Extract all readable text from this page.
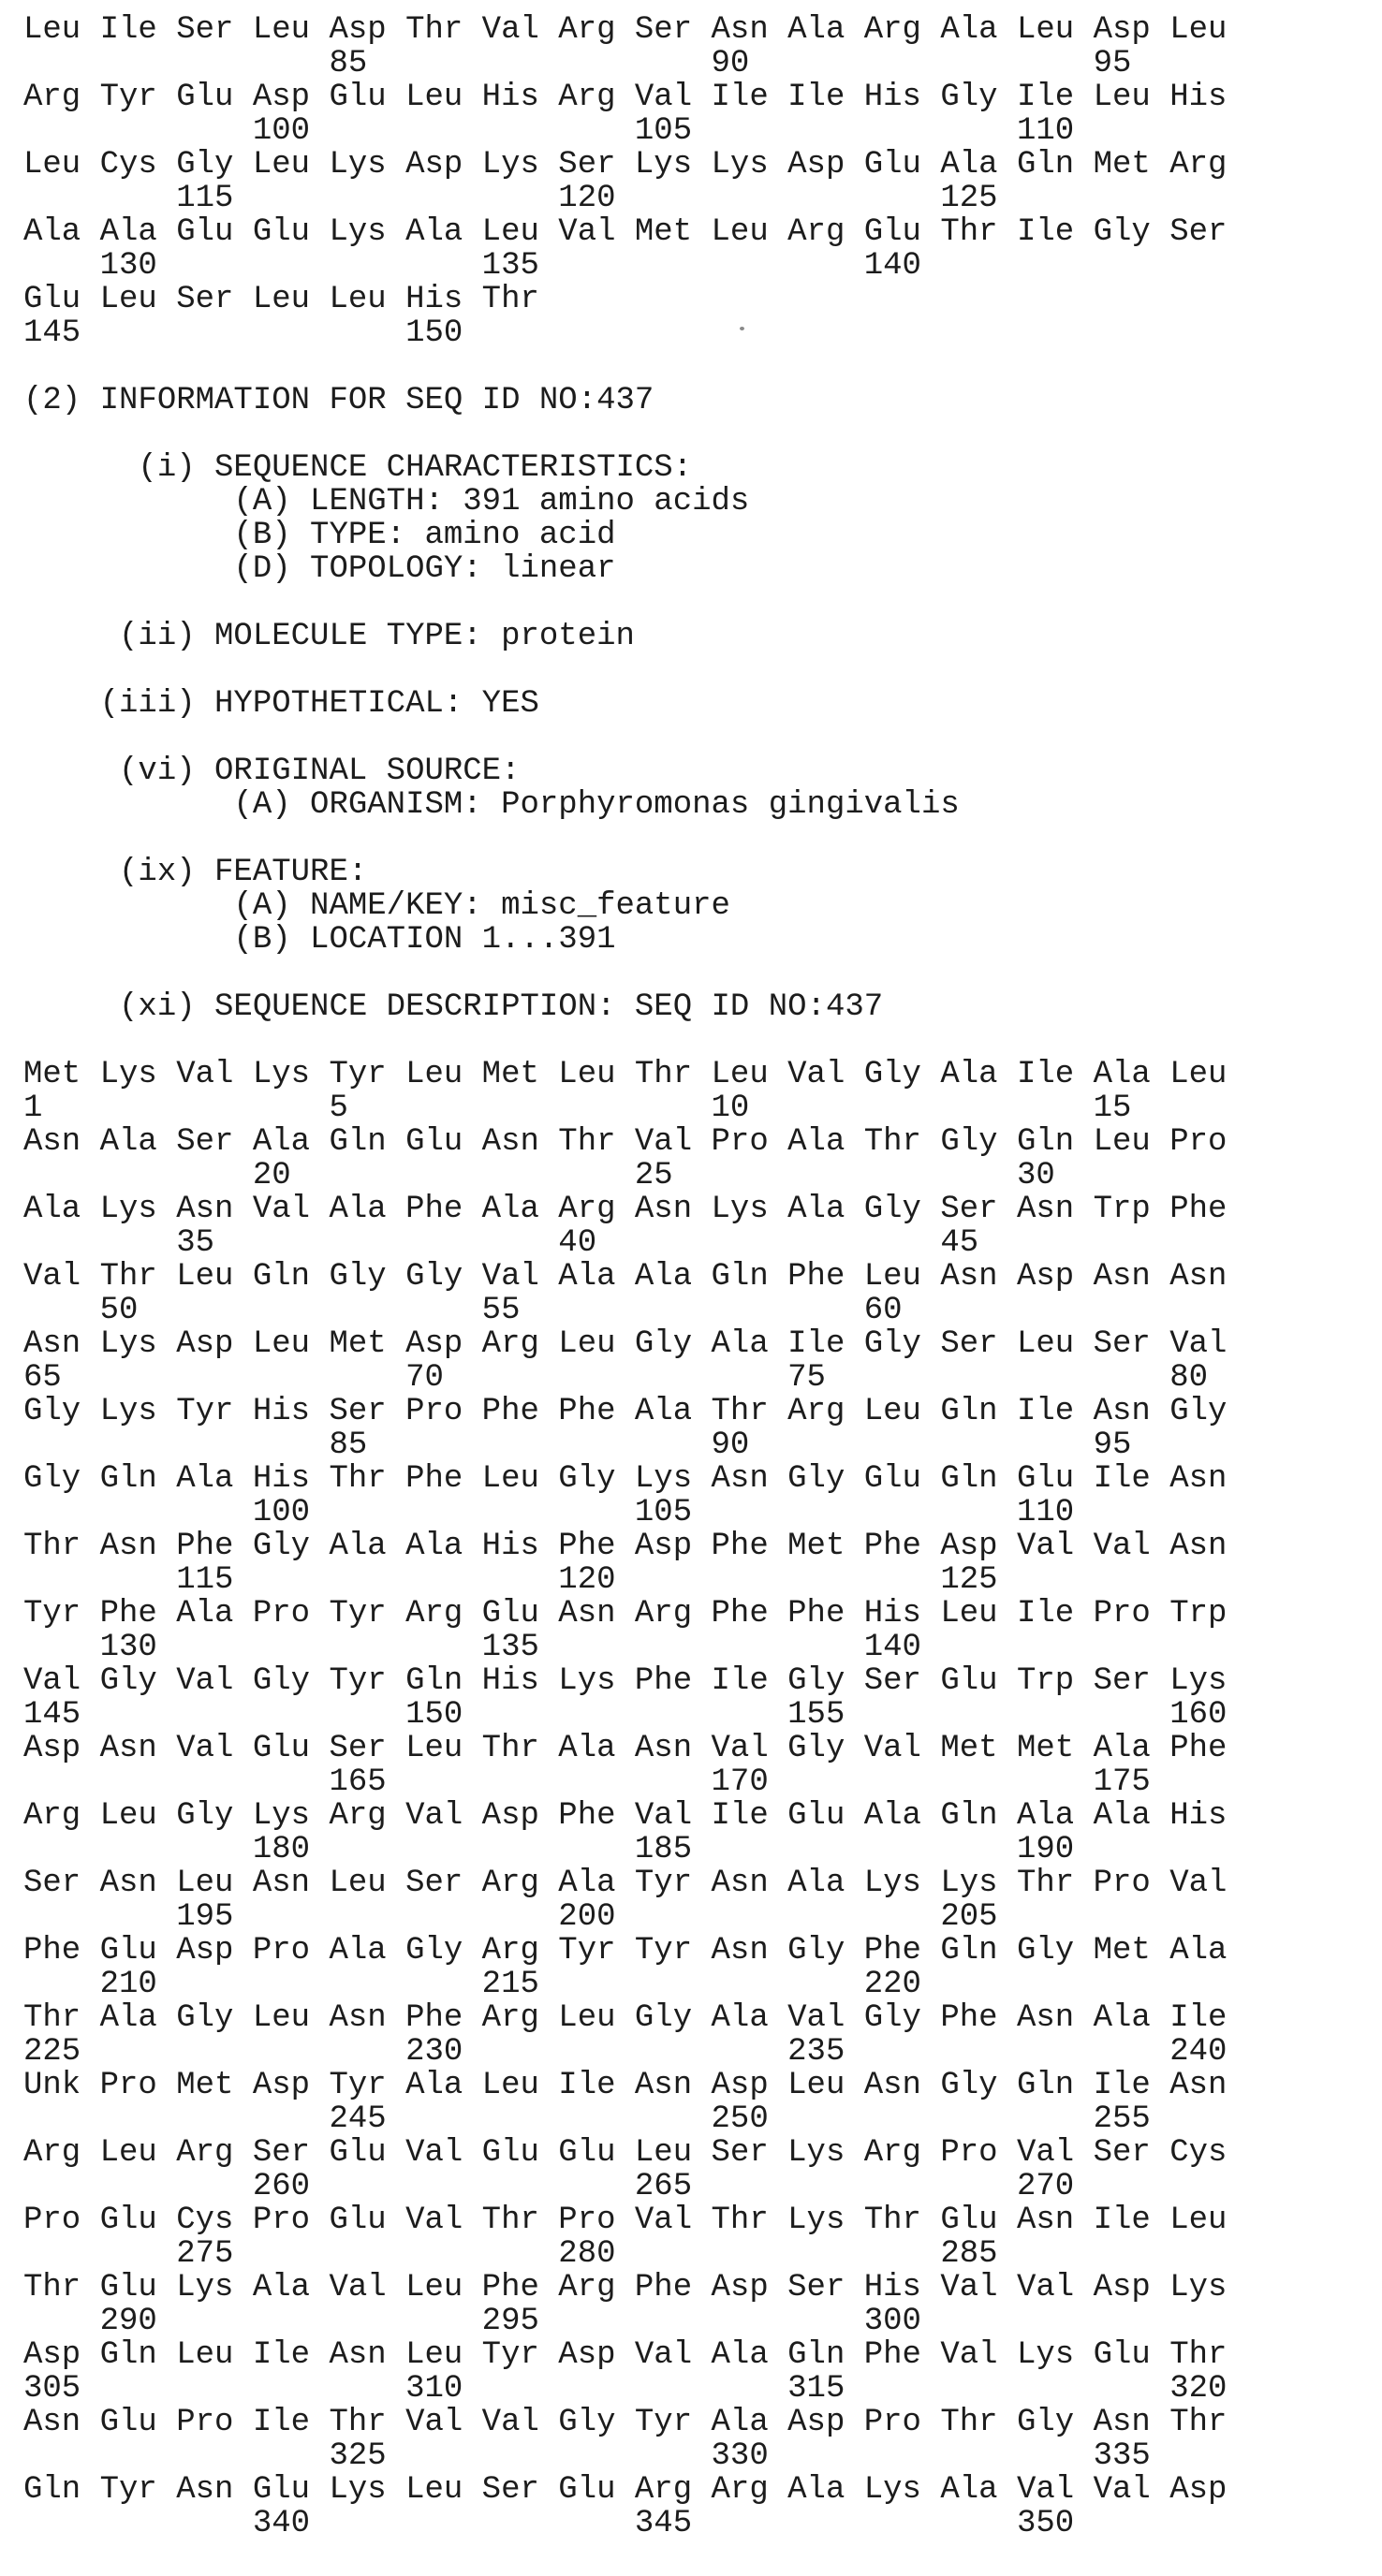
Leu Ile Ser Leu Asp Thr Val Arg Ser Asn Ala Arg Ala Leu Asp Leu
85                  90                  95
Arg Tyr Glu Asp Glu Leu His Arg Val Ile Ile His Gly Ile Leu His
100                 105                 110
Leu Cys Gly Leu Lys Asp Lys Ser Lys Lys Asp Glu Ala Gln Met Arg
115                 120                 125
Ala Ala Glu Glu Lys Ala Leu Val Met Leu Arg Glu Thr Ile Gly Ser
130                 135                 140
Glu Leu Ser Leu Leu His Thr
145                 150
(2) INFORMATION FOR SEQ ID NO:437
(i) SEQUENCE CHARACTERISTICS:
(A) LENGTH: 391 amino acids
(B) TYPE: amino acid
(D) TOPOLOGY: linear
(ii) MOLECULE TYPE: protein
(iii) HYPOTHETICAL: YES
(vi) ORIGINAL SOURCE:
(A) ORGANISM: Porphyromonas gingivalis
(ix) FEATURE:
(A) NAME/KEY: misc_feature
(B) LOCATION 1...391
(xi) SEQUENCE DESCRIPTION: SEQ ID NO:437
Met Lys Val Lys Tyr Leu Met Leu Thr Leu Val Gly Ala Ile Ala Leu
1               5                   10                  15
Asn Ala Ser Ala Gln Glu Asn Thr Val Pro Ala Thr Gly Gln Leu Pro
20                  25                  30
Ala Lys Asn Val Ala Phe Ala Arg Asn Lys Ala Gly Ser Asn Trp Phe
35                  40                  45
Val Thr Leu Gln Gly Gly Val Ala Ala Gln Phe Leu Asn Asp Asn Asn
50                  55                  60
Asn Lys Asp Leu Met Asp Arg Leu Gly Ala Ile Gly Ser Leu Ser Val
65                  70                  75                  80
Gly Lys Tyr His Ser Pro Phe Phe Ala Thr Arg Leu Gln Ile Asn Gly
85                  90                  95
Gly Gln Ala His Thr Phe Leu Gly Lys Asn Gly Glu Gln Glu Ile Asn
100                 105                 110
Thr Asn Phe Gly Ala Ala His Phe Asp Phe Met Phe Asp Val Val Asn
115                 120                 125
Tyr Phe Ala Pro Tyr Arg Glu Asn Arg Phe Phe His Leu Ile Pro Trp
130                 135                 140
Val Gly Val Gly Tyr Gln His Lys Phe Ile Gly Ser Glu Trp Ser Lys
145                 150                 155                 160
Asp Asn Val Glu Ser Leu Thr Ala Asn Val Gly Val Met Met Ala Phe
165                 170                 175
Arg Leu Gly Lys Arg Val Asp Phe Val Ile Glu Ala Gln Ala Ala His
180                 185                 190
Ser Asn Leu Asn Leu Ser Arg Ala Tyr Asn Ala Lys Lys Thr Pro Val
195                 200                 205
Phe Glu Asp Pro Ala Gly Arg Tyr Tyr Asn Gly Phe Gln Gly Met Ala
210                 215                 220
Thr Ala Gly Leu Asn Phe Arg Leu Gly Ala Val Gly Phe Asn Ala Ile
225                 230                 235                 240
Unk Pro Met Asp Tyr Ala Leu Ile Asn Asp Leu Asn Gly Gln Ile Asn
245                 250                 255
Arg Leu Arg Ser Glu Val Glu Glu Leu Ser Lys Arg Pro Val Ser Cys
260                 265                 270
Pro Glu Cys Pro Glu Val Thr Pro Val Thr Lys Thr Glu Asn Ile Leu
275                 280                 285
Thr Glu Lys Ala Val Leu Phe Arg Phe Asp Ser His Val Val Asp Lys
290                 295                 300
Asp Gln Leu Ile Asn Leu Tyr Asp Val Ala Gln Phe Val Lys Glu Thr
305                 310                 315                 320
Asn Glu Pro Ile Thr Val Val Gly Tyr Ala Asp Pro Thr Gly Asn Thr
325                 330                 335
Gln Tyr Asn Glu Lys Leu Ser Glu Arg Arg Ala Lys Ala Val Val Asp
340                 345                 350
